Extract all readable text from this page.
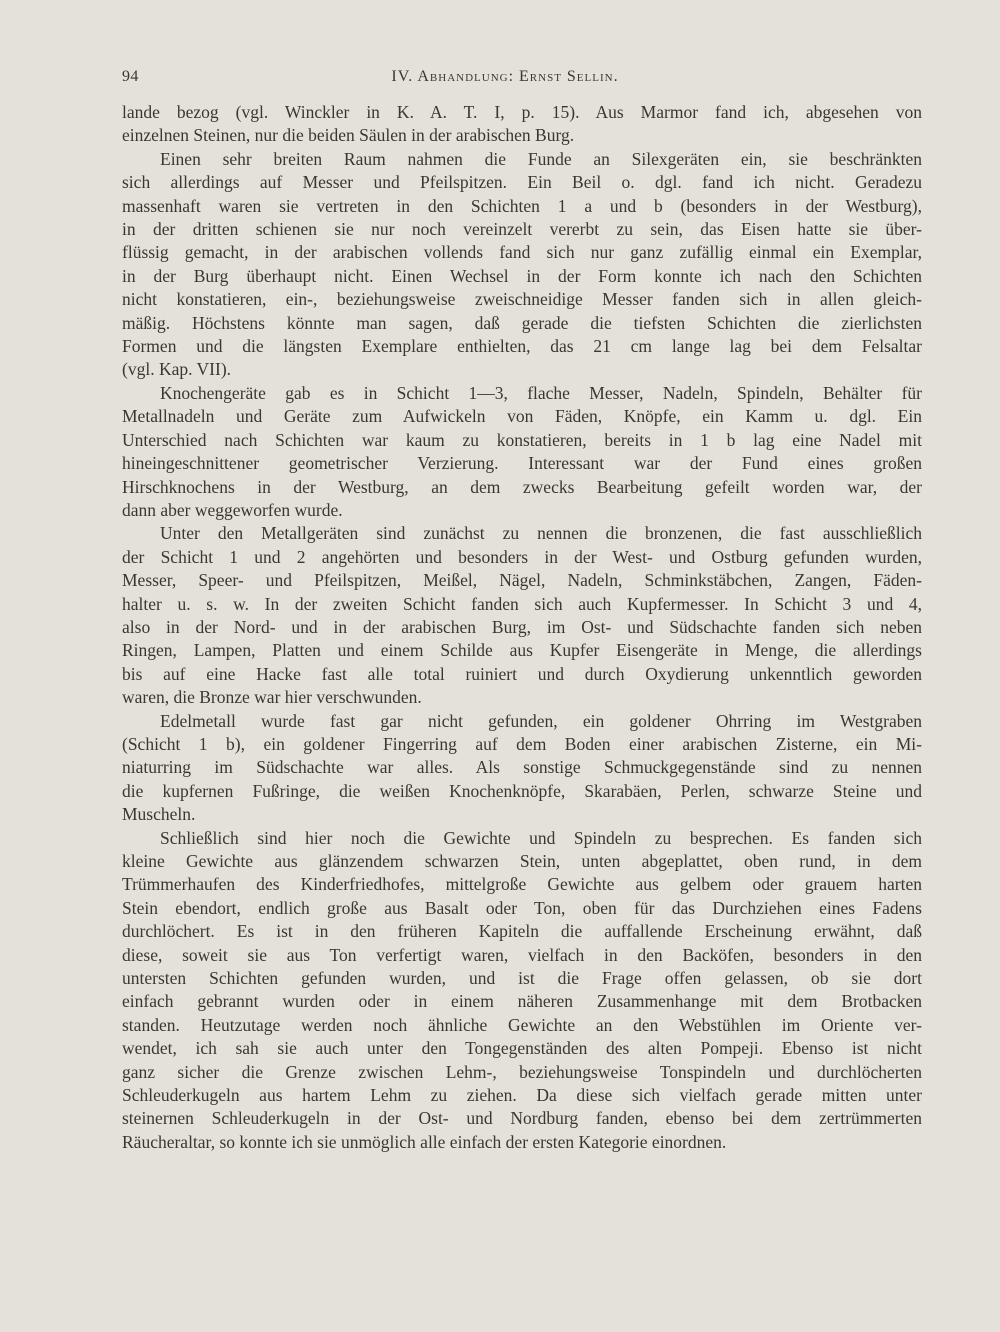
94	IV. Abhandlung: Ernst Sellin.
lande bezog (vgl. Winckler in K. A. T. I, p. 15). Aus Marmor fand ich, abgesehen von
einzelnen Steinen, nur die beiden Säulen in der arabischen Burg.
Einen sehr breiten Raum nahmen die Funde an Silexgeräten ein, sie beschränkten
sich allerdings auf Messer und Pfeilspitzen. Ein Beil o. dgl. fand ich nicht. Geradezu
massenhaft waren sie vertreten in den Schichten 1 a und b (besonders in der Westburg),
in der dritten schienen sie nur noch vereinzelt vererbt zu sein, das Eisen hatte sie über-
flüssig gemacht, in der arabischen vollends fand sich nur ganz zufällig einmal ein Exemplar,
in der Burg überhaupt nicht. Einen Wechsel in der Form konnte ich nach den Schichten
nicht konstatieren, ein-, beziehungsweise zweischneidige Messer fanden sich in allen gleich-
mäßig. Höchstens könnte man sagen, daß gerade die tiefsten Schichten die zierlichsten
Formen und die längsten Exemplare enthielten, das 21 cm lange lag bei dem Felsaltar
(vgl. Kap. VII).
Knochengeräte gab es in Schicht 1—3, flache Messer, Nadeln, Spindeln, Behälter für
Metallnadeln und Geräte zum Aufwickeln von Fäden, Knöpfe, ein Kamm u. dgl. Ein
Unterschied nach Schichten war kaum zu konstatieren, bereits in 1 b lag eine Nadel mit
hineingeschnittener geometrischer Verzierung. Interessant war der Fund eines großen
Hirschknochens in der Westburg, an dem zwecks Bearbeitung gefeilt worden war, der
dann aber weggeworfen wurde.
Unter den Metallgeräten sind zunächst zu nennen die bronzenen, die fast ausschließlich
der Schicht 1 und 2 angehörten und besonders in der West- und Ostburg gefunden wurden,
Messer, Speer- und Pfeilspitzen, Meißel, Nägel, Nadeln, Schminkstäbchen, Zangen, Fäden-
halter u. s. w. In der zweiten Schicht fanden sich auch Kupfermesser. In Schicht 3 und 4,
also in der Nord- und in der arabischen Burg, im Ost- und Südschachte fanden sich neben
Ringen, Lampen, Platten und einem Schilde aus Kupfer Eisengeräte in Menge, die allerdings
bis auf eine Hacke fast alle total ruiniert und durch Oxydierung unkenntlich geworden
waren, die Bronze war hier verschwunden.
Edelmetall wurde fast gar nicht gefunden, ein goldener Ohrring im Westgraben
(Schicht 1 b), ein goldener Fingerring auf dem Boden einer arabischen Zisterne, ein Mi-
niaturring im Südschachte war alles. Als sonstige Schmuckgegenstände sind zu nennen
die kupfernen Fußringe, die weißen Knochenknöpfe, Skarabäen, Perlen, schwarze Steine und
Muscheln.
Schließlich sind hier noch die Gewichte und Spindeln zu besprechen. Es fanden sich
kleine Gewichte aus glänzendem schwarzen Stein, unten abgeplattet, oben rund, in dem
Trümmerhaufen des Kinderfriedhofes, mittelgroße Gewichte aus gelbem oder grauem harten
Stein ebendort, endlich große aus Basalt oder Ton, oben für das Durchziehen eines Fadens
durchlöchert. Es ist in den früheren Kapiteln die auffallende Erscheinung erwähnt, daß
diese, soweit sie aus Ton verfertigt waren, vielfach in den Backöfen, besonders in den
untersten Schichten gefunden wurden, und ist die Frage offen gelassen, ob sie dort
einfach gebrannt wurden oder in einem näheren Zusammenhange mit dem Brotbacken
standen. Heutzutage werden noch ähnliche Gewichte an den Webstühlen im Oriente ver-
wendet, ich sah sie auch unter den Tongegenständen des alten Pompeji. Ebenso ist nicht
ganz sicher die Grenze zwischen Lehm-, beziehungsweise Tonspindeln und durchlöcherten
Schleuderkugeln aus hartem Lehm zu ziehen. Da diese sich vielfach gerade mitten unter
steinernen Schleuderkugeln in der Ost- und Nordburg fanden, ebenso bei dem zertrümmerten
Räucheraltar, so konnte ich sie unmöglich alle einfach der ersten Kategorie einordnen.
